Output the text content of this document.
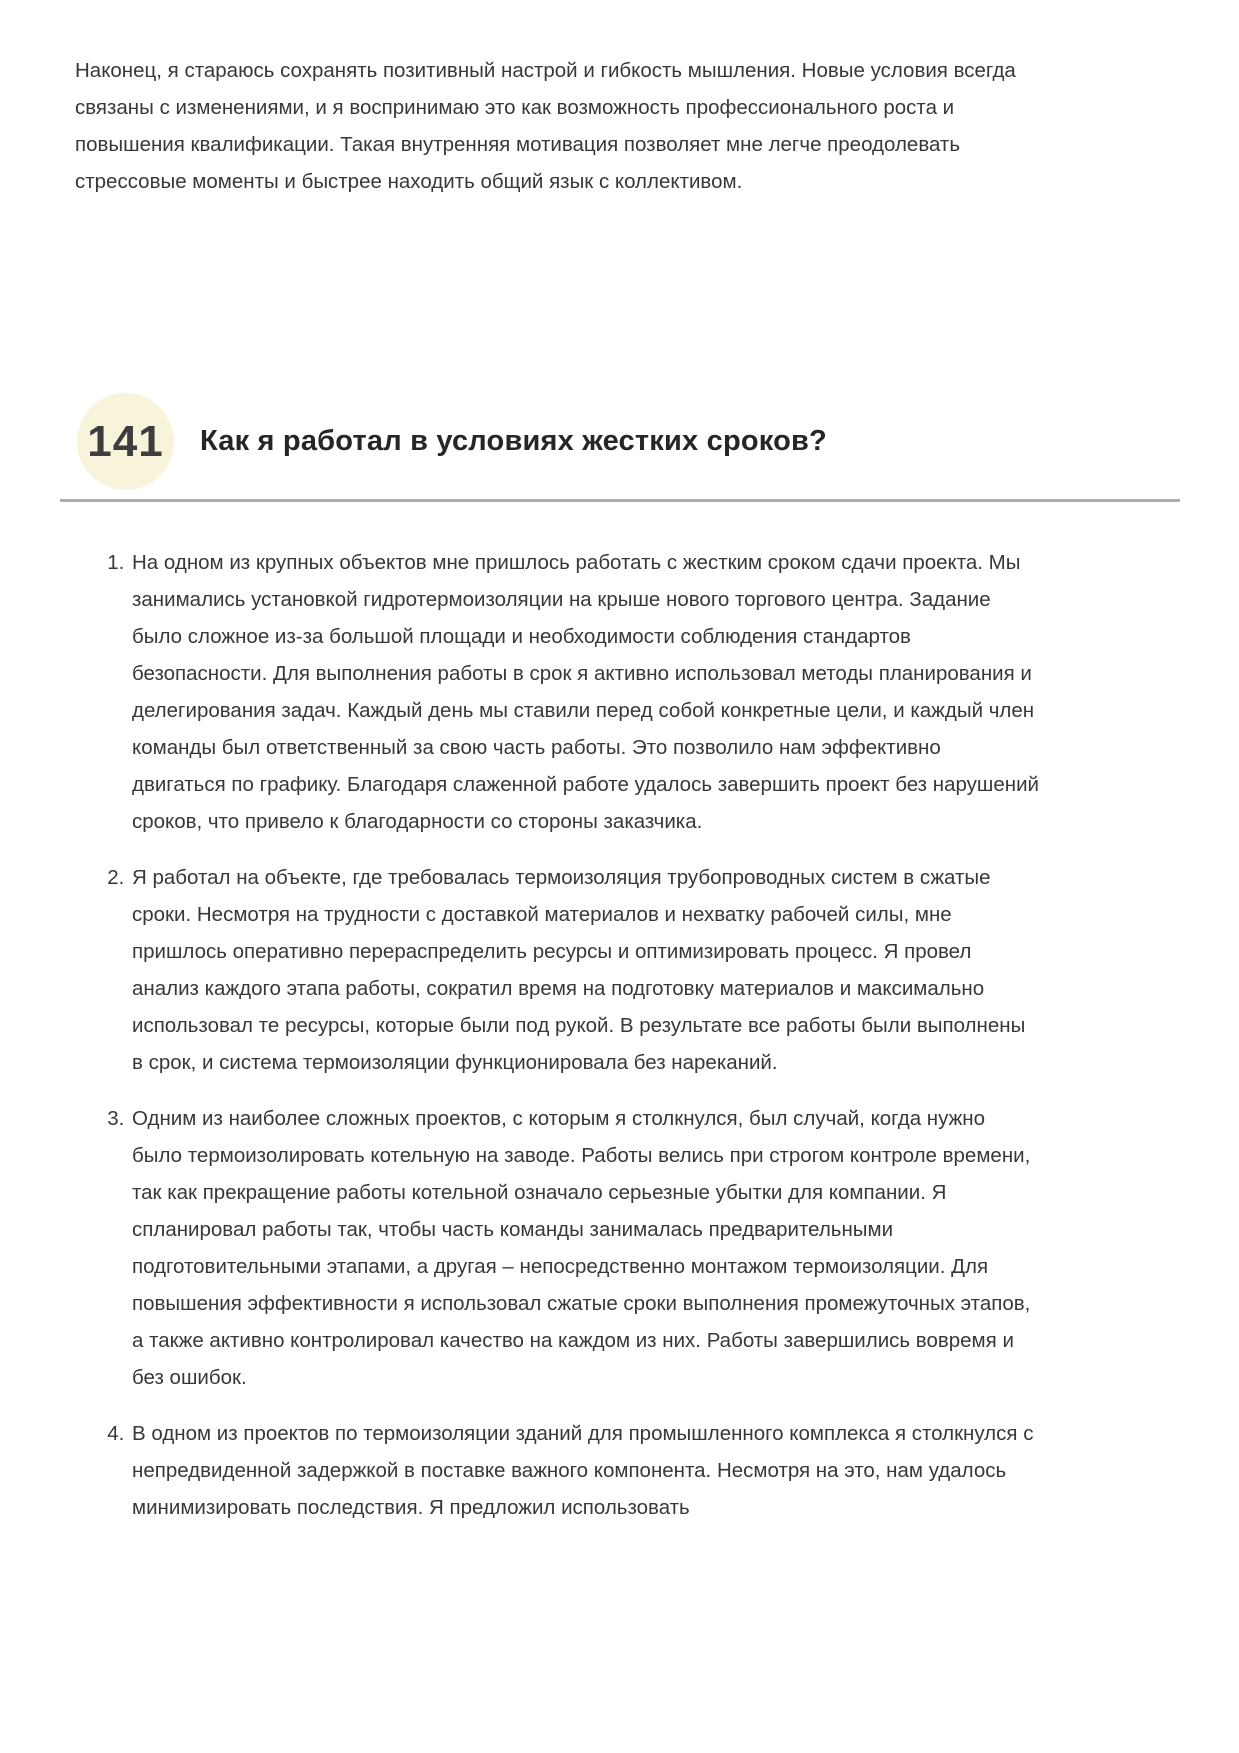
Наконец, я стараюсь сохранять позитивный настрой и гибкость мышления. Новые условия всегда связаны с изменениями, и я воспринимаю это как возможность профессионального роста и повышения квалификации. Такая внутренняя мотивация позволяет мне легче преодолевать стрессовые моменты и быстрее находить общий язык с коллективом.

141 Как я работал в условиях жестких сроков?
1. На одном из крупных объектов мне пришлось работать с жестким сроком сдачи проекта. Мы занимались установкой гидротермоизоляции на крыше нового торгового центра. Задание было сложное из-за большой площади и необходимости соблюдения стандартов безопасности. Для выполнения работы в срок я активно использовал методы планирования и делегирования задач. Каждый день мы ставили перед собой конкретные цели, и каждый член команды был ответственный за свою часть работы. Это позволило нам эффективно двигаться по графику. Благодаря слаженной работе удалось завершить проект без нарушений сроков, что привело к благодарности со стороны заказчика.
2. Я работал на объекте, где требовалась термоизоляция трубопроводных систем в сжатые сроки. Несмотря на трудности с доставкой материалов и нехватку рабочей силы, мне пришлось оперативно перераспределить ресурсы и оптимизировать процесс. Я провел анализ каждого этапа работы, сократил время на подготовку материалов и максимально использовал те ресурсы, которые были под рукой. В результате все работы были выполнены в срок, и система термоизоляции функционировала без нареканий.
3. Одним из наиболее сложных проектов, с которым я столкнулся, был случай, когда нужно было термоизолировать котельную на заводе. Работы велись при строгом контроле времени, так как прекращение работы котельной означало серьезные убытки для компании. Я спланировал работы так, чтобы часть команды занималась предварительными подготовительными этапами, а другая – непосредственно монтажом термоизоляции. Для повышения эффективности я использовал сжатые сроки выполнения промежуточных этапов, а также активно контролировал качество на каждом из них. Работы завершились вовремя и без ошибок.
4. В одном из проектов по термоизоляции зданий для промышленного комплекса я столкнулся с непредвиденной задержкой в поставке важного компонента. Несмотря на это, нам удалось минимизировать последствия. Я предложил использовать
